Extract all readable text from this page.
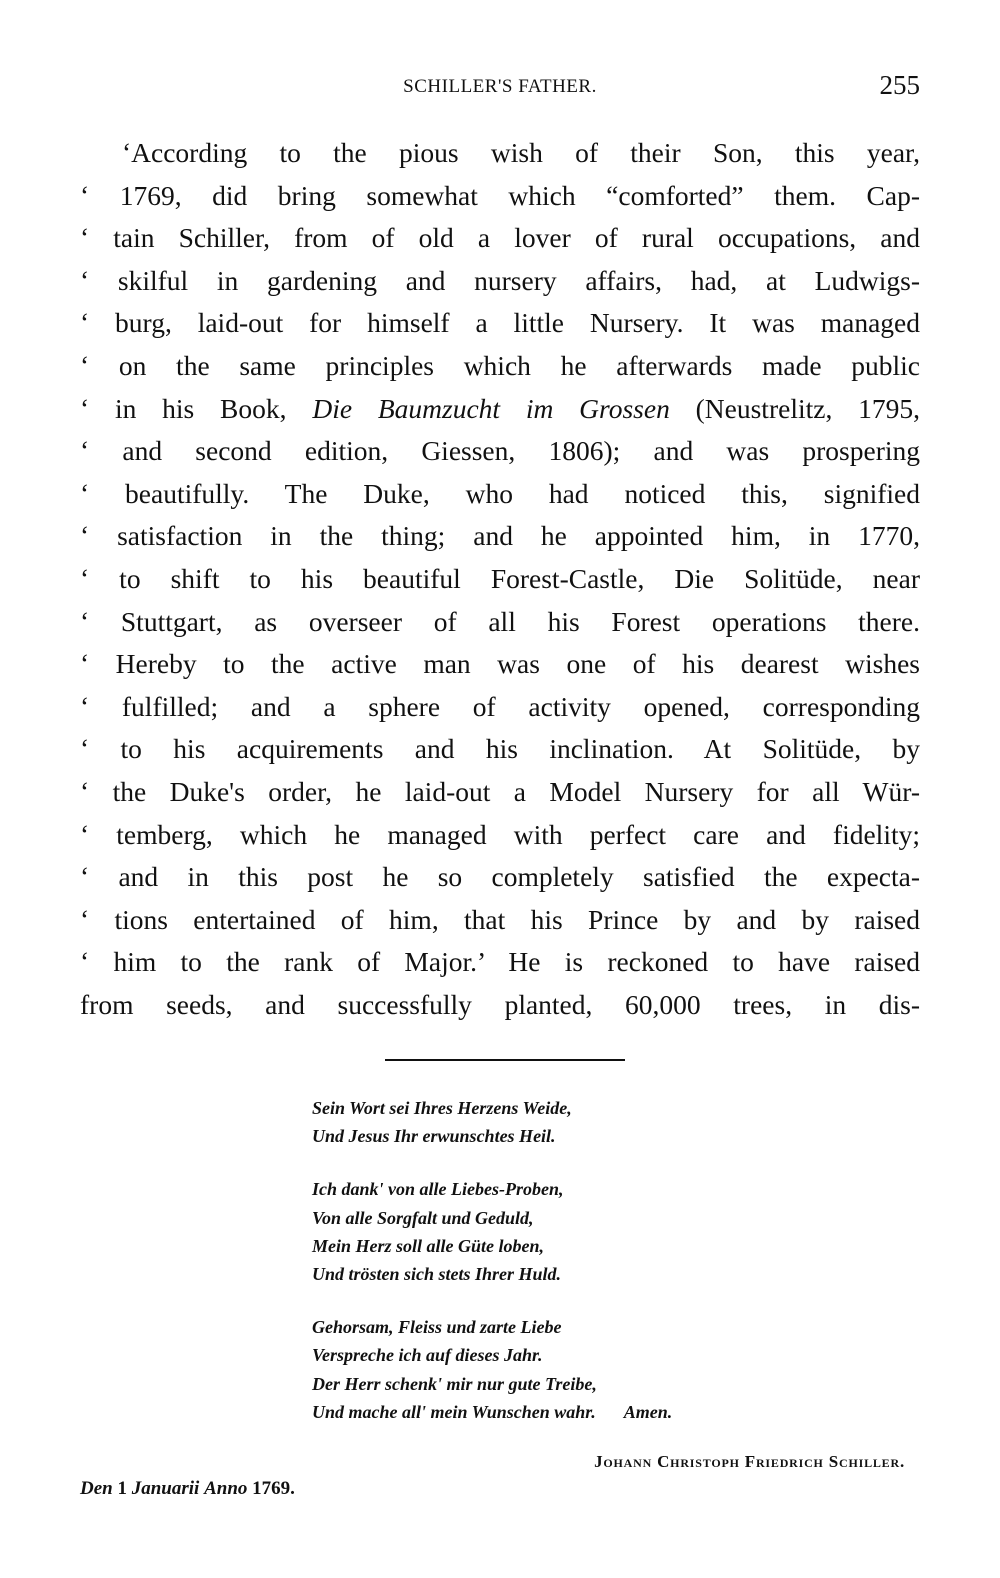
SCHILLER'S FATHER.	255
‘According to the pious wish of their Son, this year,
‘ 1769, did bring somewhat which “comforted” them. Cap-
‘ tain Schiller, from of old a lover of rural occupations, and
‘ skilful in gardening and nursery affairs, had, at Ludwigs-
‘ burg, laid-out for himself a little Nursery. It was managed
‘ on the same principles which he afterwards made public
‘ in his Book, Die Baumzucht im Grossen (Neustrelitz, 1795,
‘ and second edition, Giessen, 1806); and was prospering
‘ beautifully. The Duke, who had noticed this, signified
‘ satisfaction in the thing; and he appointed him, in 1770,
‘ to shift to his beautiful Forest-Castle, Die Solitüde, near
‘ Stuttgart, as overseer of all his Forest operations there.
‘ Hereby to the active man was one of his dearest wishes
‘ fulfilled; and a sphere of activity opened, corresponding
‘ to his acquirements and his inclination. At Solitüde, by
‘ the Duke's order, he laid-out a Model Nursery for all Wür-
‘ temberg, which he managed with perfect care and fidelity;
‘ and in this post he so completely satisfied the expecta-
‘ tions entertained of him, that his Prince by and by raised
‘ him to the rank of Major.’ He is reckoned to have raised
from seeds, and successfully planted, 60,000 trees, in dis-
Sein Wort sei Ihres Herzens Weide,
Und Jesus Ihr erwunschtes Heil.
Ich dank' von alle Liebes-Proben,
Von alle Sorgfalt und Geduld,
Mein Herz soll alle Güte loben,
Und trösten sich stets Ihrer Huld.
Gehorsam, Fleiss und zarte Liebe
Verspreche ich auf dieses Jahr.
Der Herr schenk' mir nur gute Treibe,
Und mache all' mein Wunschen wahr. Amen.
Johann Christoph Friedrich Schiller.
Den 1 Januarii Anno 1769.
